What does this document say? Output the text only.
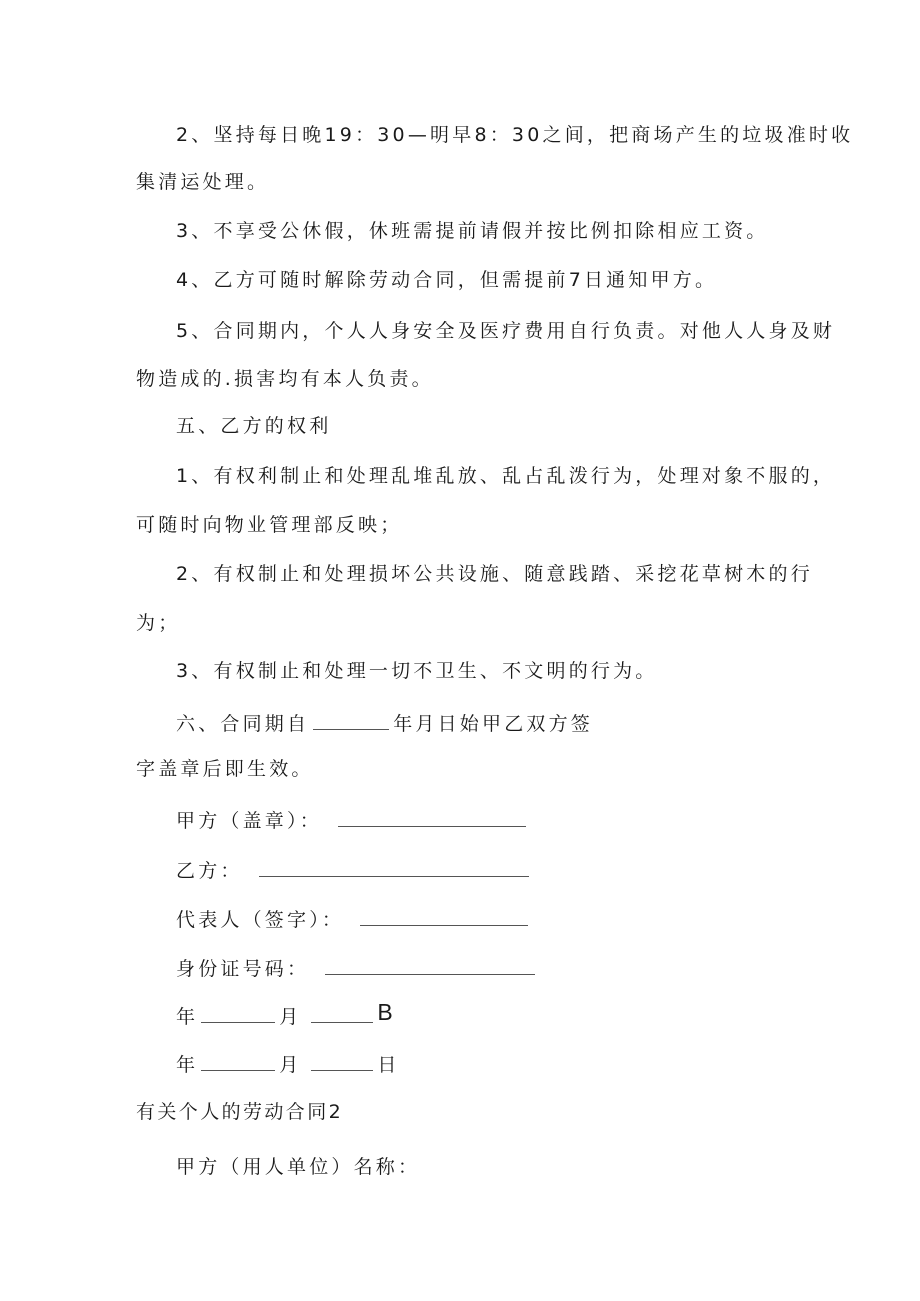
2、坚持每日晚19：30—明早8：30之间，把商场产生的垃圾准时收
集清运处理。
3、不享受公休假，休班需提前请假并按比例扣除相应工资。
4、乙方可随时解除劳动合同，但需提前7日通知甲方。
5、合同期内，个人人身安全及医疗费用自行负责。对他人人身及财
物造成的.损害均有本人负责。
五、乙方的权利
1、有权利制止和处理乱堆乱放、乱占乱泼行为，处理对象不服的，
可随时向物业管理部反映；
2、有权制止和处理损坏公共设施、随意践踏、采挖花草树木的行
为；
3、有权制止和处理一切不卫生、不文明的行为。
六、合同期自	年月日始甲乙双方签
字盖章后即生效。
甲方（盖章）：
乙方：
代表人（签字）：
身份证号码：
年	月	B
年	月	日
有关个人的劳动合同2
甲方（用人单位）名称：
